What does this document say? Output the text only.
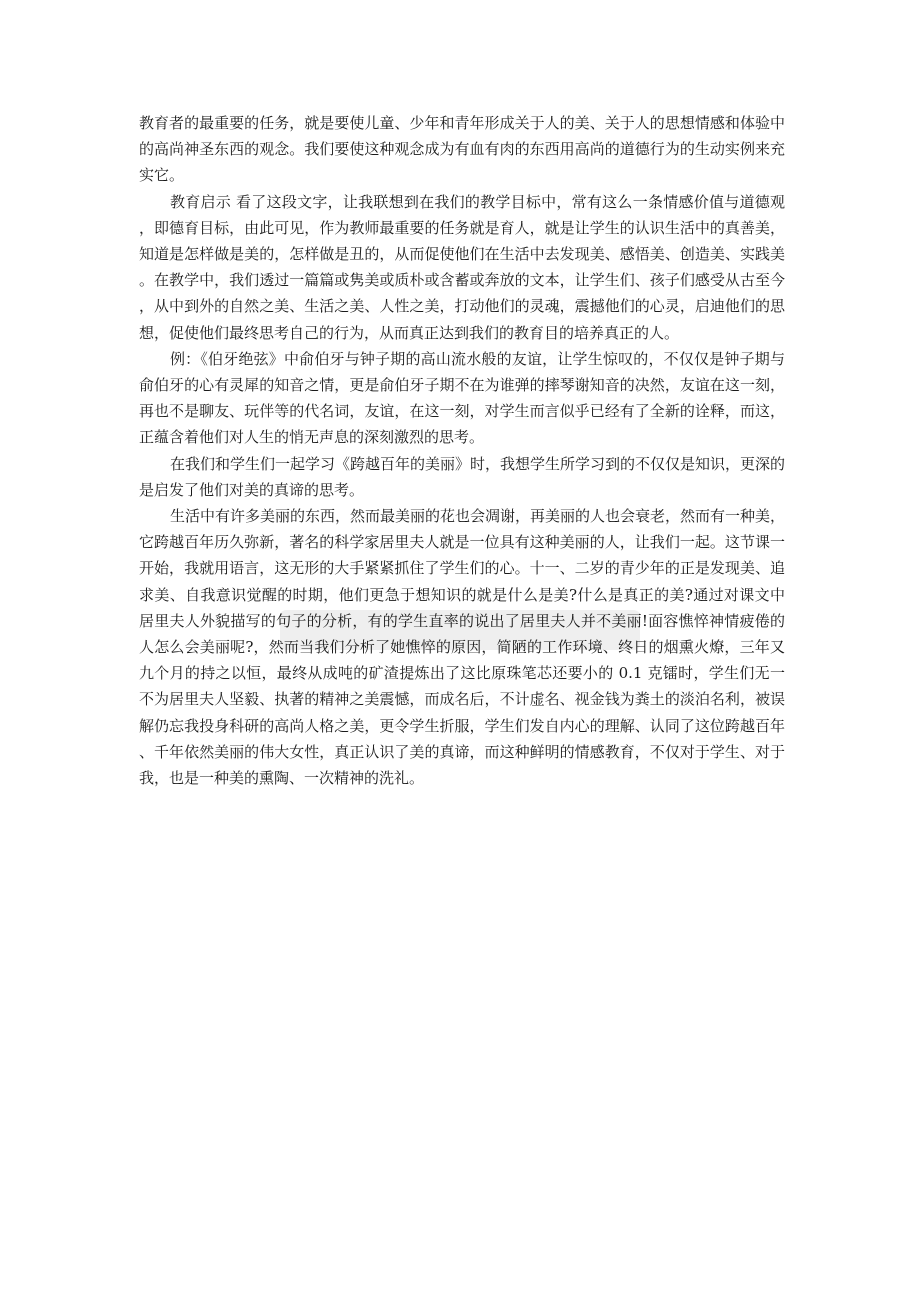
教育者的最重要的任务，就是要使儿童、少年和青年形成关于人的美、关于人的思想情感和体验中的高尚神圣东西的观念。我们要使这种观念成为有血有肉的东西用高尚的道德行为的生动实例来充实它。

教育启示 看了这段文字，让我联想到在我们的教学目标中，常有这么一条情感价值与道德观，即德育目标，由此可见，作为教师最重要的任务就是育人，就是让学生的认识生活中的真善美，知道是怎样做是美的，怎样做是丑的，从而促使他们在生活中去发现美、感悟美、创造美、实践美。在教学中，我们透过一篇篇或隽美或质朴或含蓄或奔放的文本，让学生们、孩子们感受从古至今，从中到外的自然之美、生活之美、人性之美，打动他们的灵魂，震撼他们的心灵，启迪他们的思想，促使他们最终思考自己的行为，从而真正达到我们的教育目的培养真正的人。

例：《伯牙绝弦》中俞伯牙与钟子期的高山流水般的友谊，让学生惊叹的，不仅仅是钟子期与俞伯牙的心有灵犀的知音之情，更是俞伯牙子期不在为谁弹的摔琴谢知音的决然，友谊在这一刻，再也不是聊友、玩伴等的代名词，友谊，在这一刻，对学生而言似乎已经有了全新的诠释，而这，正蕴含着他们对人生的悄无声息的深刻激烈的思考。

在我们和学生们一起学习《跨越百年的美丽》时，我想学生所学习到的不仅仅是知识，更深的是启发了他们对美的真谛的思考。

生活中有许多美丽的东西，然而最美丽的花也会凋谢，再美丽的人也会衰老，然而有一种美，它跨越百年历久弥新，著名的科学家居里夫人就是一位具有这种美丽的人，让我们一起。这节课一开始，我就用语言，这无形的大手紧紧抓住了学生们的心。十一、二岁的青少年的正是发现美、追求美、自我意识觉醒的时期，他们更急于想知识的就是什么是美?什么是真正的美?通过对课文中居里夫人外貌描写的句子的分析，有的学生直率的说出了居里夫人并不美丽!面容憔悴神情疲倦的人怎么会美丽呢?，然而当我们分析了她憔悴的原因，简陋的工作环境、终日的烟熏火燎，三年又九个月的持之以恒，最终从成吨的矿渣提炼出了这比原珠笔芯还要小的 0.1 克镭时，学生们无一不为居里夫人坚毅、执著的精神之美震憾，而成名后，不计虚名、视金钱为粪土的淡泊名利，被误解仍忘我投身科研的高尚人格之美，更令学生折服，学生们发自内心的理解、认同了这位跨越百年、千年依然美丽的伟大女性，真正认识了美的真谛，而这种鲜明的情感教育，不仅对于学生、对于我，也是一种美的熏陶、一次精神的洗礼。
